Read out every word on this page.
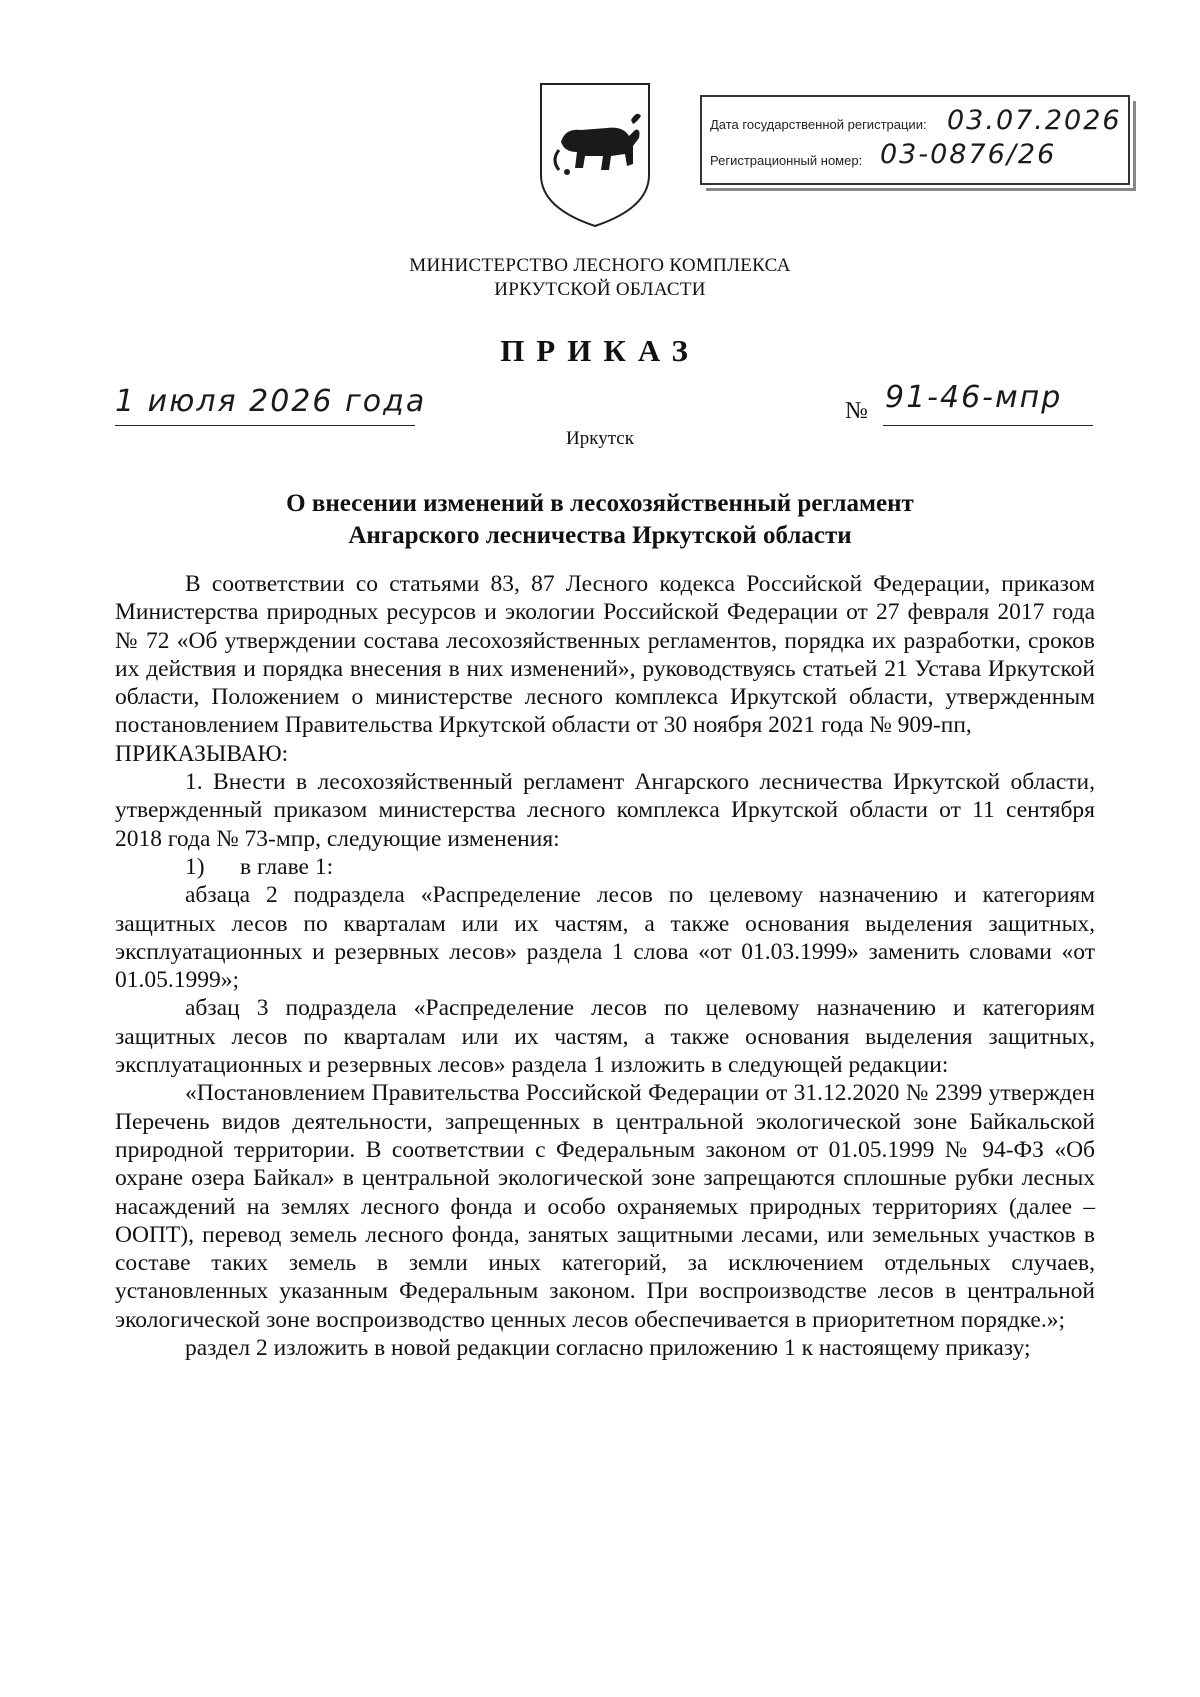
Дата государственной регистрации: 03.07.2026
Регистрационный номер: 03-0876/26
МИНИСТЕРСТВО ЛЕСНОГО КОМПЛЕКСА
ИРКУТСКОЙ ОБЛАСТИ
ПРИКАЗ
1 июля 2026 года	№ 91-46-мпр
Иркутск
О внесении изменений в лесохозяйственный регламент
Ангарского лесничества Иркутской области

В соответствии со статьями 83, 87 Лесного кодекса Российской Федерации, приказом Министерства природных ресурсов и экологии Российской Федерации от 27 февраля 2017 года № 72 «Об утверждении состава лесохозяйственных регламентов, порядка их разработки, сроков их действия и порядка внесения в них изменений», руководствуясь статьей 21 Устава Иркутской области, Положением о министерстве лесного комплекса Иркутской области, утвержденным постановлением Правительства Иркутской области от 30 ноября 2021 года № 909-пп,

ПРИКАЗЫВАЮ:

1. Внести в лесохозяйственный регламент Ангарского лесничества Иркутской области, утвержденный приказом министерства лесного комплекса Иркутской области от 11 сентября 2018 года № 73-мпр, следующие изменения:

1) в главе 1:

абзаца 2 подраздела «Распределение лесов по целевому назначению и категориям защитных лесов по кварталам или их частям, а также основания выделения защитных, эксплуатационных и резервных лесов» раздела 1 слова «от 01.03.1999» заменить словами «от 01.05.1999»;

абзац 3 подраздела «Распределение лесов по целевому назначению и категориям защитных лесов по кварталам или их частям, а также основания выделения защитных, эксплуатационных и резервных лесов» раздела 1 изложить в следующей редакции:

«Постановлением Правительства Российской Федерации от 31.12.2020 № 2399 утвержден Перечень видов деятельности, запрещенных в центральной экологической зоне Байкальской природной территории. В соответствии с Федеральным законом от 01.05.1999 № 94-ФЗ «Об охране озера Байкал» в центральной экологической зоне запрещаются сплошные рубки лесных насаждений на землях лесного фонда и особо охраняемых природных территориях (далее – ООПТ), перевод земель лесного фонда, занятых защитными лесами, или земельных участков в составе таких земель в земли иных категорий, за исключением отдельных случаев, установленных указанным Федеральным законом. При воспроизводстве лесов в центральной экологической зоне воспроизводство ценных лесов обеспечивается в приоритетном порядке.»;

раздел 2 изложить в новой редакции согласно приложению 1 к настоящему приказу;
